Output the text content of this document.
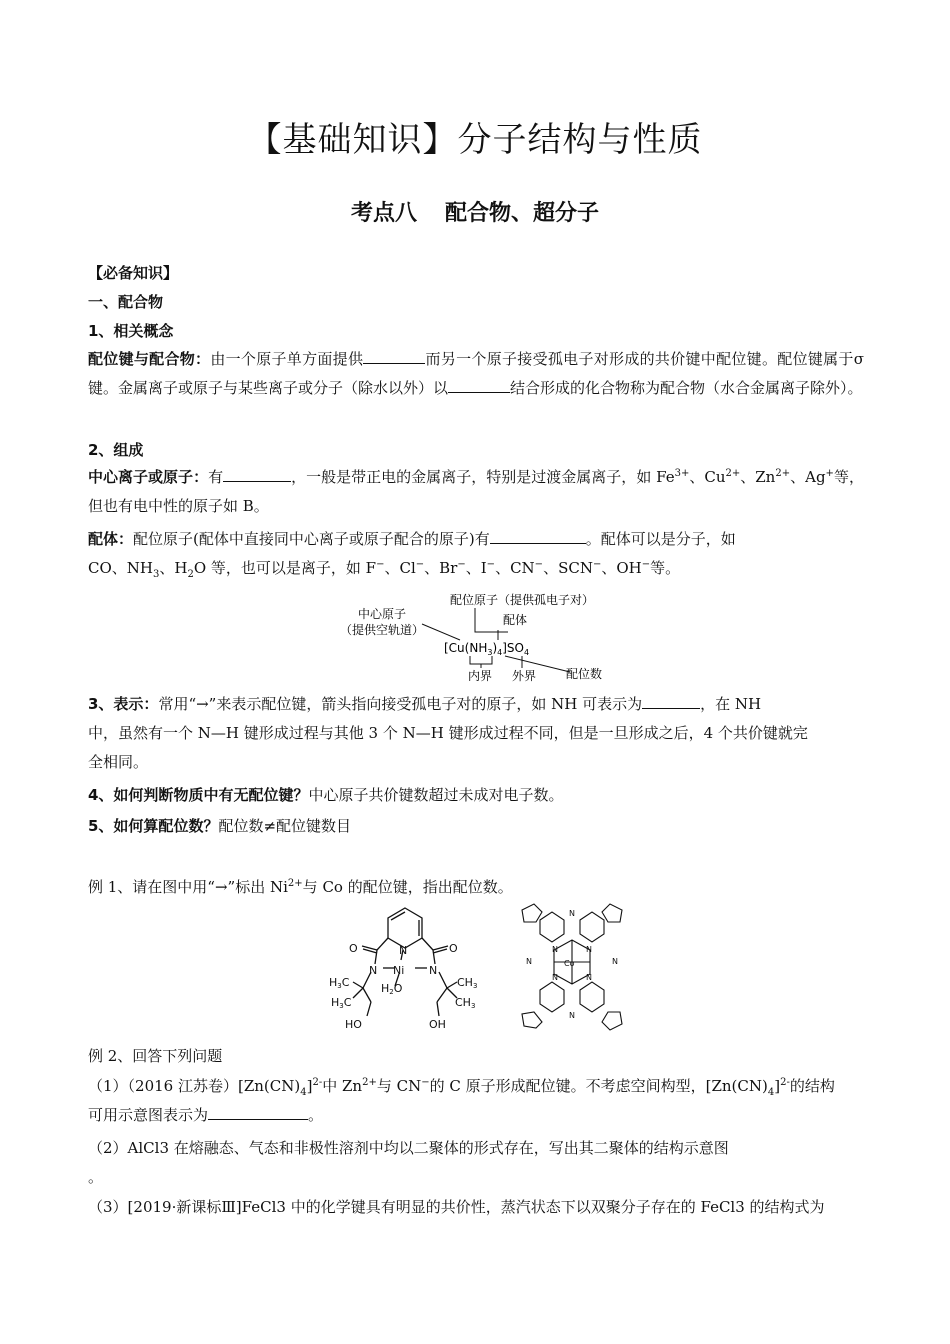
【基础知识】分子结构与性质
考点八 配合物、超分子
【必备知识】
一、配合物
1、相关概念
配位键与配合物：由一个原子单方面提供	而另一个原子接受孤电子对形成的共价键中配位键。配位键属于σ键。金属离子或原子与某些离子或分子（除水以外）以	结合形成的化合物称为配合物（水合金属离子除外）。
2、组成
中心离子或原子：有	，一般是带正电的金属离子，特别是过渡金属离子，如 $Fe^{3+}$、$Cu^{2+}$、$Zn^{2+}$、Ag+等，但也有电中性的原子如 B。
配体：配位原子(配体中直接同中心离子或原子配合的原子)有	。配体可以是分子，如
CO、$NH_3$、$H_2O$ 等，也可以是离子，如 F−、Cl−、Br−、I−、CN−、SCN−、OH−等。
中心原子
（提供空轨道）
配位原子（提供孤电子对）
配体
$[Cu(NH_3)_4]SO_4$
内界 外界 配位数
3、表示：常用“→”来表示配位键，箭头指向接受孤电子对的原子，如 NH 可表示为	，在 NH
中，虽然有一个 N—H 键形成过程与其他 3 个 N—H 键形成过程不同，但是一旦形成之后，4 个共价键就完
全相同。
4、如何判断物质中有无配位键？中心原子共价键数超过未成对电子数。
5、如何算配位数？配位数≠配位键数目
例 1、请在图中用“→”标出 $Ni^{2+}$与 Co 的配位键，指出配位数。
O	O
N
N	N
Ni
H3C
H3C
CH3
CH3
H2O
HO	OH
N
N
N	N
N	N
Co
N	N
例 2、回答下列问题
（1）（2016 江苏卷）$[Zn(CN)_4]^{2-}$中 $Zn^{2+}$与 CN−的 C 原子形成配位键。不考虑空间构型，$[Zn(CN)_4]^{2-}$的结构
可用示意图表示为	。
（2）AlCl3 在熔融态、气态和非极性溶剂中均以二聚体的形式存在，写出其二聚体的结构示意图
。
（3）[2019·新课标Ⅲ]FeCl3 中的化学键具有明显的共价性，蒸汽状态下以双聚分子存在的 FeCl3 的结构式为
